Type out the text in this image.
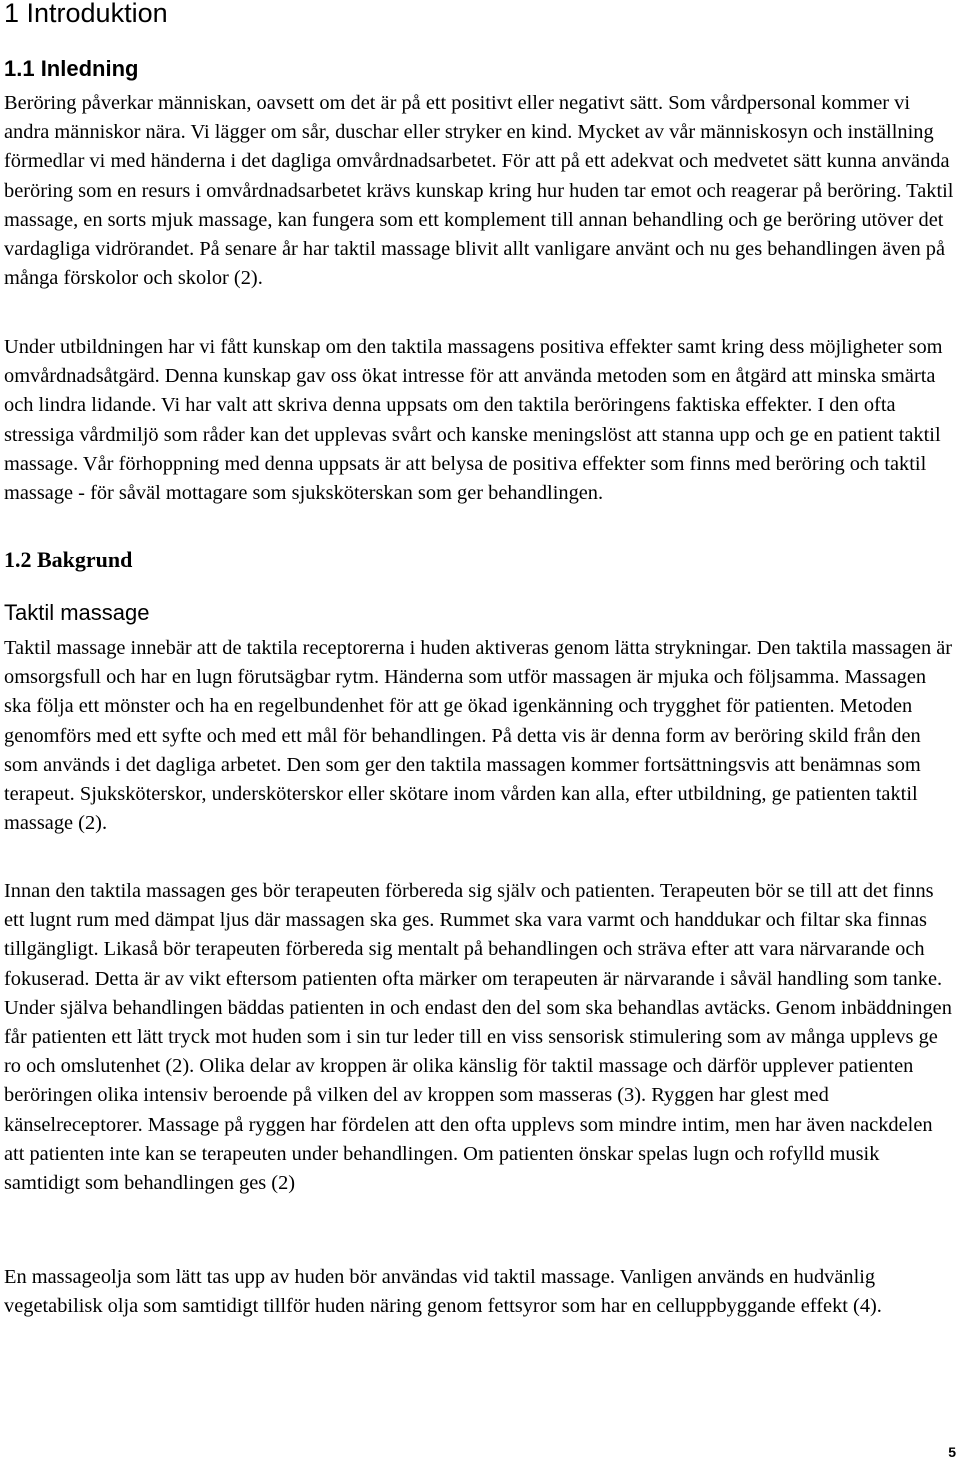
1 Introduktion
1.1 Inledning

Beröring påverkar människan, oavsett om det är på ett positivt eller negativt sätt. Som vårdpersonal kommer vi andra människor nära. Vi lägger om sår, duschar eller stryker en kind. Mycket av vår människosyn och inställning förmedlar vi med händerna i det dagliga omvårdnadsarbetet. För att på ett adekvat och medvetet sätt kunna använda beröring som en resurs i omvårdnadsarbetet krävs kunskap kring hur huden tar emot och reagerar på beröring. Taktil massage, en sorts mjuk massage, kan fungera som ett komplement till annan behandling och ge beröring utöver det vardagliga vidrörandet. På senare år har taktil massage blivit allt vanligare använt och nu ges behandlingen även på många förskolor och skolor (2).

Under utbildningen har vi fått kunskap om den taktila massagens positiva effekter samt kring dess möjligheter som omvårdnadsåtgärd. Denna kunskap gav oss ökat intresse för att använda metoden som en åtgärd att minska smärta och lindra lidande. Vi har valt att skriva denna uppsats om den taktila beröringens faktiska effekter. I den ofta stressiga vårdmiljö som råder kan det upplevas svårt och kanske meningslöst att stanna upp och ge en patient taktil massage. Vår förhoppning med denna uppsats är att belysa de positiva effekter som finns med beröring och taktil massage - för såväl mottagare som sjuksköterskan som ger behandlingen.

1.2 Bakgrund
Taktil massage

Taktil massage innebär att de taktila receptorerna i huden aktiveras genom lätta strykningar. Den taktila massagen är omsorgsfull och har en lugn förutsägbar rytm. Händerna som utför massagen är mjuka och följsamma. Massagen ska följa ett mönster och ha en regelbundenhet för att ge ökad igenkänning och trygghet för patienten. Metoden genomförs med ett syfte och med ett mål för behandlingen. På detta vis är denna form av beröring skild från den som används i det dagliga arbetet. Den som ger den taktila massagen kommer fortsättningsvis att benämnas som terapeut. Sjuksköterskor, undersköterskor eller skötare inom vården kan alla, efter utbildning, ge patienten taktil massage (2).

Innan den taktila massagen ges bör terapeuten förbereda sig själv och patienten. Terapeuten bör se till att det finns ett lugnt rum med dämpat ljus där massagen ska ges. Rummet ska vara varmt och handdukar och filtar ska finnas tillgängligt. Likaså bör terapeuten förbereda sig mentalt på behandlingen och sträva efter att vara närvarande och fokuserad. Detta är av vikt eftersom patienten ofta märker om terapeuten är närvarande i såväl handling som tanke. Under själva behandlingen bäddas patienten in och endast den del som ska behandlas avtäcks. Genom inbäddningen får patienten ett lätt tryck mot huden som i sin tur leder till en viss sensorisk stimulering som av många upplevs ge ro och omslutenhet (2). Olika delar av kroppen är olika känslig för taktil massage och därför upplever patienten beröringen olika intensiv beroende på vilken del av kroppen som masseras (3). Ryggen har glest med känselreceptorer. Massage på ryggen har fördelen att den ofta upplevs som mindre intim, men har även nackdelen att patienten inte kan se terapeuten under behandlingen. Om patienten önskar spelas lugn och rofylld musik samtidigt som behandlingen ges (2)

En massageolja som lätt tas upp av huden bör användas vid taktil massage. Vanligen används en hudvänlig vegetabilisk olja som samtidigt tillför huden näring genom fettsyror som har en celluppbyggande effekt (4).

5
